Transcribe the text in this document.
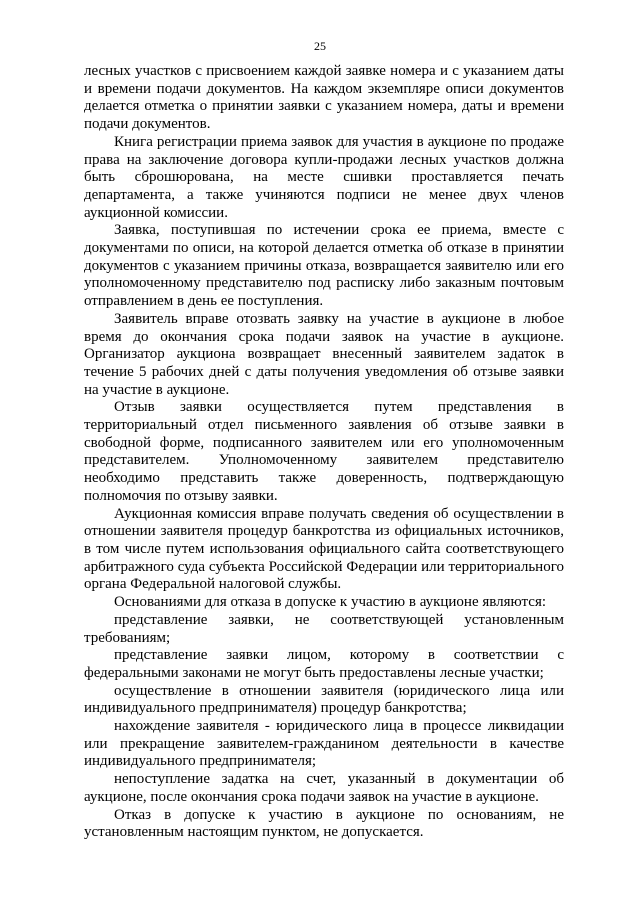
25

лесных участков с присвоением каждой заявке номера и с указанием даты и времени подачи документов. На каждом экземпляре описи документов делается отметка о принятии заявки с указанием номера, даты и времени подачи документов.

Книга регистрации приема заявок для участия в аукционе по продаже права на заключение договора купли-продажи лесных участков должна быть сброшюрована, на месте сшивки проставляется печать департамента, а также учиняются подписи не менее двух членов аукционной комиссии.

Заявка, поступившая по истечении срока ее приема, вместе с документами по описи, на которой делается отметка об отказе в принятии документов с указанием причины отказа, возвращается заявителю или его уполномоченному представителю под расписку либо заказным почтовым отправлением в день ее поступления.

Заявитель вправе отозвать заявку на участие в аукционе в любое время до окончания срока подачи заявок на участие в аукционе. Организатор аукциона возвращает внесенный заявителем задаток в течение 5 рабочих дней с даты получения уведомления об отзыве заявки на участие в аукционе.

Отзыв заявки осуществляется путем представления в территориальный отдел письменного заявления об отзыве заявки в свободной форме, подписанного заявителем или его уполномоченным представителем. Уполномоченному заявителем представителю необходимо представить также доверенность, подтверждающую полномочия по отзыву заявки.

Аукционная комиссия вправе получать сведения об осуществлении в отношении заявителя процедур банкротства из официальных источников, в том числе путем использования официального сайта соответствующего арбитражного суда субъекта Российской Федерации или территориального органа Федеральной налоговой службы.

Основаниями для отказа в допуске к участию в аукционе являются:

представление заявки, не соответствующей установленным требованиям;

представление заявки лицом, которому в соответствии с федеральными законами не могут быть предоставлены лесные участки;

осуществление в отношении заявителя (юридического лица или индивидуального предпринимателя) процедур банкротства;

нахождение заявителя - юридического лица в процессе ликвидации или прекращение заявителем-гражданином деятельности в качестве индивидуального предпринимателя;

непоступление задатка на счет, указанный в документации об аукционе, после окончания срока подачи заявок на участие в аукционе.

Отказ в допуске к участию в аукционе по основаниям, не установленным настоящим пунктом, не допускается.
